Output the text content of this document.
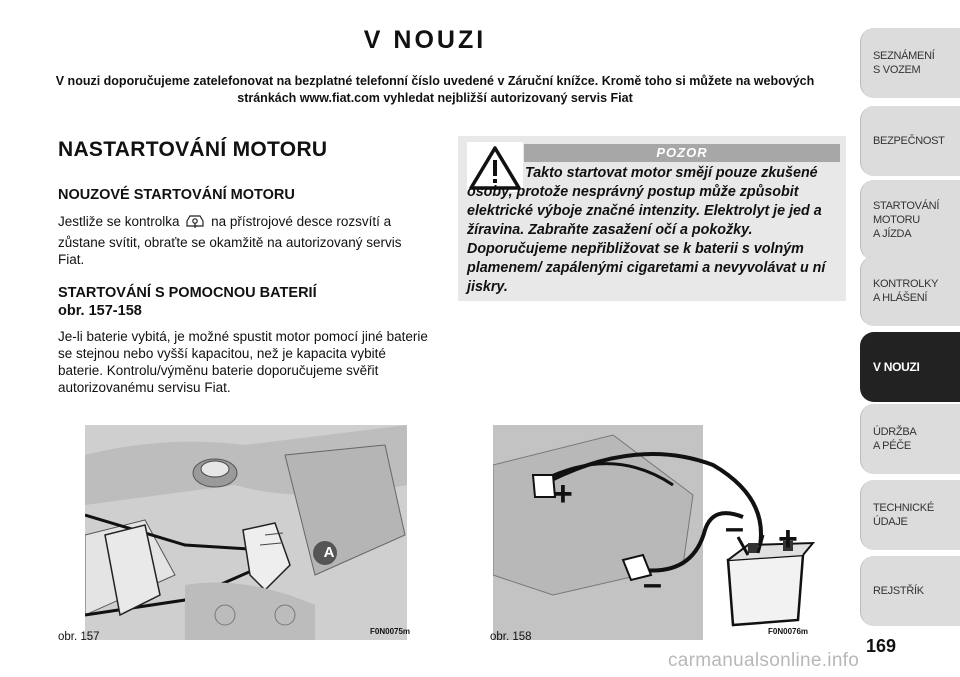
V NOUZI
V nouzi doporučujeme zatelefonovat na bezplatné telefonní číslo uvedené v Záruční knížce. Kromě toho si můžete na webových stránkách www.fiat.com vyhledat nejbližší autorizovaný servis Fiat
NASTARTOVÁNÍ MOTORU
NOUZOVÉ STARTOVÁNÍ MOTORU
Jestliže se kontrolka na přístrojové desce rozsvítí a zůstane svítit, obraťte se okamžitě na autorizovaný servis Fiat.
STARTOVÁNÍ S POMOCNOU BATERIÍ
obr. 157-158
Je-li baterie vybitá, je možné spustit motor pomocí jiné baterie se stejnou nebo vyšší kapacitou, než je kapacita vybité baterie. Kontrolu/výměnu baterie doporučujeme svěřit autorizovanému servisu Fiat.
POZOR
Takto startovat motor smějí pouze zkušené osoby, protože nesprávný postup může způsobit elektrické výboje značné intenzity. Elektrolyt je jed a žíravina. Zabraňte zasažení očí a pokožky. Doporučujeme nepřibližovat se k baterii s volným plamenem/ zapálenými cigaretami a nevyvolávat u ní jiskry.
A
obr. 157	F0N0075m
+
+
–
–
obr. 158	F0N0076m
SEZNÁMENÍ
S VOZEM
BEZPEČNOST
STARTOVÁNÍ
MOTORU
A JÍZDA
KONTROLKY
A HLÁŠENÍ
V NOUZI
ÚDRŽBA
A PÉČE
TECHNICKÉ
ÚDAJE
REJSTŘÍK
169
carmanualsonline.info
